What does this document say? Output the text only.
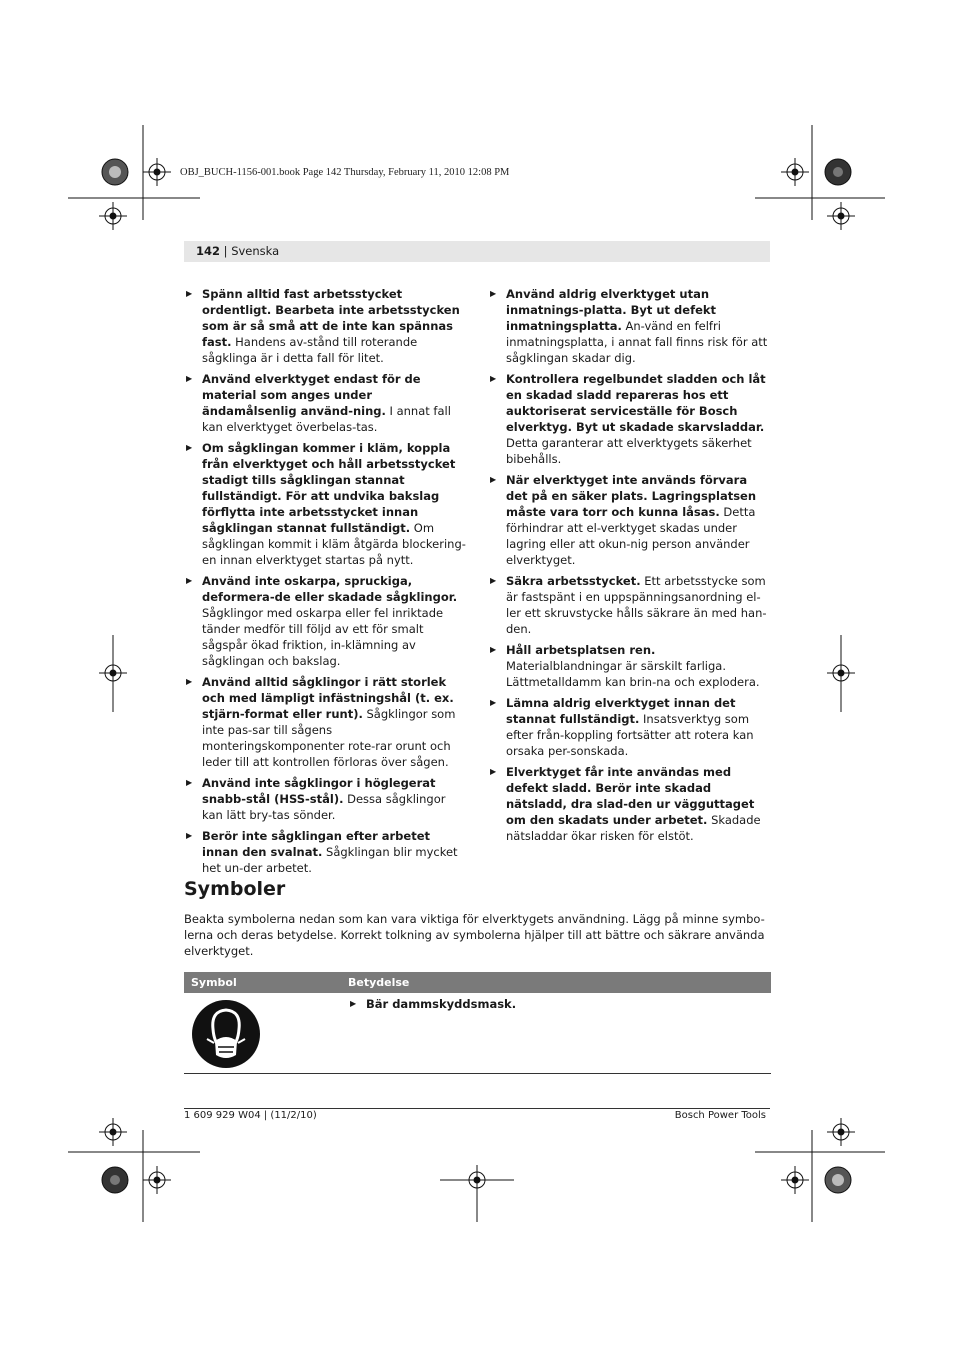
OBJ_BUCH-1156-001.book Page 142 Thursday, February 11, 2010 12:08 PM
142 | Svenska
▶ Spänn alltid fast arbetsstycket ordentligt. Bearbeta inte arbetsstycken som är så små att de inte kan spännas fast. Handens av-stånd till roterande sågklinga är i detta fall för litet.
▶ Använd elverktyget endast för de material som anges under ändamålsenlig använd-ning. I annat fall kan elverktyget överbelas-tas.
▶ Om sågklingan kommer i kläm, koppla från elverktyget och håll arbetsstycket stadigt tills sågklingan stannat fullständigt. För att undvika bakslag förflytta inte arbetsstycket innan sågklingan stannat fullständigt. Om sågklingan kommit i kläm åtgärda blockering-en innan elverktyget startas på nytt.
▶ Använd inte oskarpa, spruckiga, deformera-de eller skadade sågklingor. Sågklingor med oskarpa eller fel inriktade tänder medför till följd av ett för smalt sågspår ökad friktion, in-klämning av sågklingan och bakslag.
▶ Använd alltid sågklingor i rätt storlek och med lämpligt infästningshål (t. ex. stjärn-format eller runt). Sågklingor som inte pas-sar till sågens monteringskomponenter rote-rar orunt och leder till att kontrollen förloras över sågen.
▶ Använd inte sågklingor i höglegerat snabb-stål (HSS-stål). Dessa sågklingor kan lätt bry-tas sönder.
▶ Berör inte sågklingan efter arbetet innan den svalnat. Sågklingan blir mycket het un-der arbetet.
▶ Använd aldrig elverktyget utan inmatnings-platta. Byt ut defekt inmatningsplatta. An-vänd en felfri inmatningsplatta, i annat fall finns risk för att sågklingan skadar dig.
▶ Kontrollera regelbundet sladden och låt en skadad sladd repareras hos ett auktoriserat serviceställe för Bosch elverktyg. Byt ut skadade skarvsladdar. Detta garanterar att elverktygets säkerhet bibehålls.
▶ När elverktyget inte används förvara det på en säker plats. Lagringsplatsen måste vara torr och kunna låsas. Detta förhindrar att el-verktyget skadas under lagring eller att okun-nig person använder elverktyget.
▶ Säkra arbetsstycket. Ett arbetsstycke som är fastspänt i en uppspänningsanordning el-ler ett skruvstycke hålls säkrare än med han-den.
▶ Håll arbetsplatsen ren. Materialblandningar är särskilt farliga. Lättmetalldamm kan brin-na och explodera.
▶ Lämna aldrig elverktyget innan det stannat fullständigt. Insatsverktyg som efter från-koppling fortsätter att rotera kan orsaka per-sonskada.
▶ Elverktyget får inte användas med defekt sladd. Berör inte skadad nätsladd, dra slad-den ur vägguttaget om den skadats under arbetet. Skadade nätsladdar ökar risken för elstöt.
Symboler
Beakta symbolerna nedan som kan vara viktiga för elverktygets användning. Lägg på minne symbo-lerna och deras betydelse. Korrekt tolkning av symbolerna hjälper till att bättre och säkrare använda elverktyget.
Symbol	Betydelse
▶ Bär dammskyddsmask.
1 609 929 W04 | (11/2/10)	Bosch Power Tools
